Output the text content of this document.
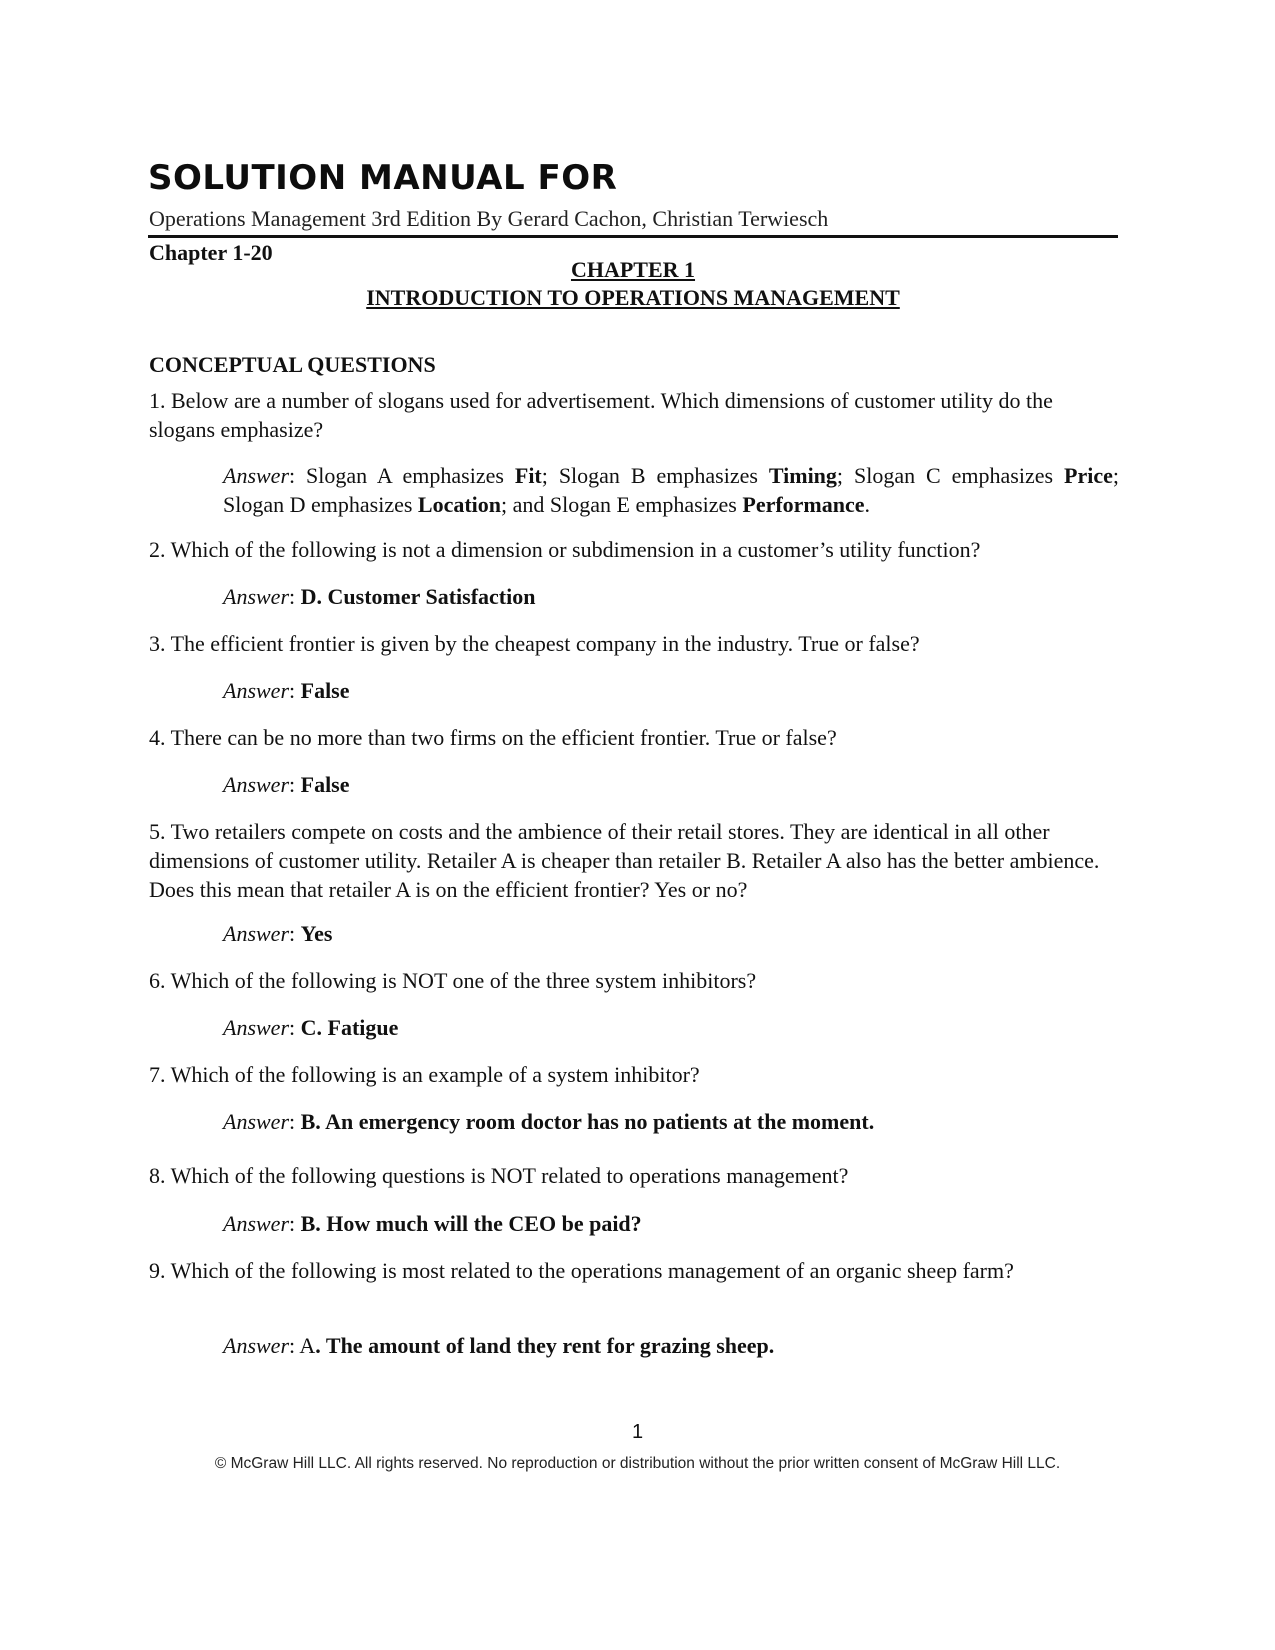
SOLUTION MANUAL FOR
Operations Management 3rd Edition By Gerard Cachon, Christian Terwiesch
Chapter 1-20
CHAPTER 1
INTRODUCTION TO OPERATIONS MANAGEMENT
CONCEPTUAL QUESTIONS

1. Below are a number of slogans used for advertisement. Which dimensions of customer utility do the slogans emphasize?

Answer: Slogan A emphasizes Fit; Slogan B emphasizes Timing; Slogan C emphasizes Price; Slogan D emphasizes Location; and Slogan E emphasizes Performance.

2. Which of the following is not a dimension or subdimension in a customer’s utility function?

Answer: D. Customer Satisfaction

3. The efficient frontier is given by the cheapest company in the industry. True or false?

Answer: False

4. There can be no more than two firms on the efficient frontier. True or false?

Answer: False

5. Two retailers compete on costs and the ambience of their retail stores. They are identical in all other dimensions of customer utility. Retailer A is cheaper than retailer B. Retailer A also has the better ambience. Does this mean that retailer A is on the efficient frontier? Yes or no?

Answer: Yes

6. Which of the following is NOT one of the three system inhibitors?

Answer: C. Fatigue

7. Which of the following is an example of a system inhibitor?

Answer: B. An emergency room doctor has no patients at the moment.

8. Which of the following questions is NOT related to operations management?

Answer: B. How much will the CEO be paid?

9. Which of the following is most related to the operations management of an organic sheep farm?

Answer: A. The amount of land they rent for grazing sheep.

1
© McGraw Hill LLC. All rights reserved. No reproduction or distribution without the prior written consent of McGraw Hill LLC.
